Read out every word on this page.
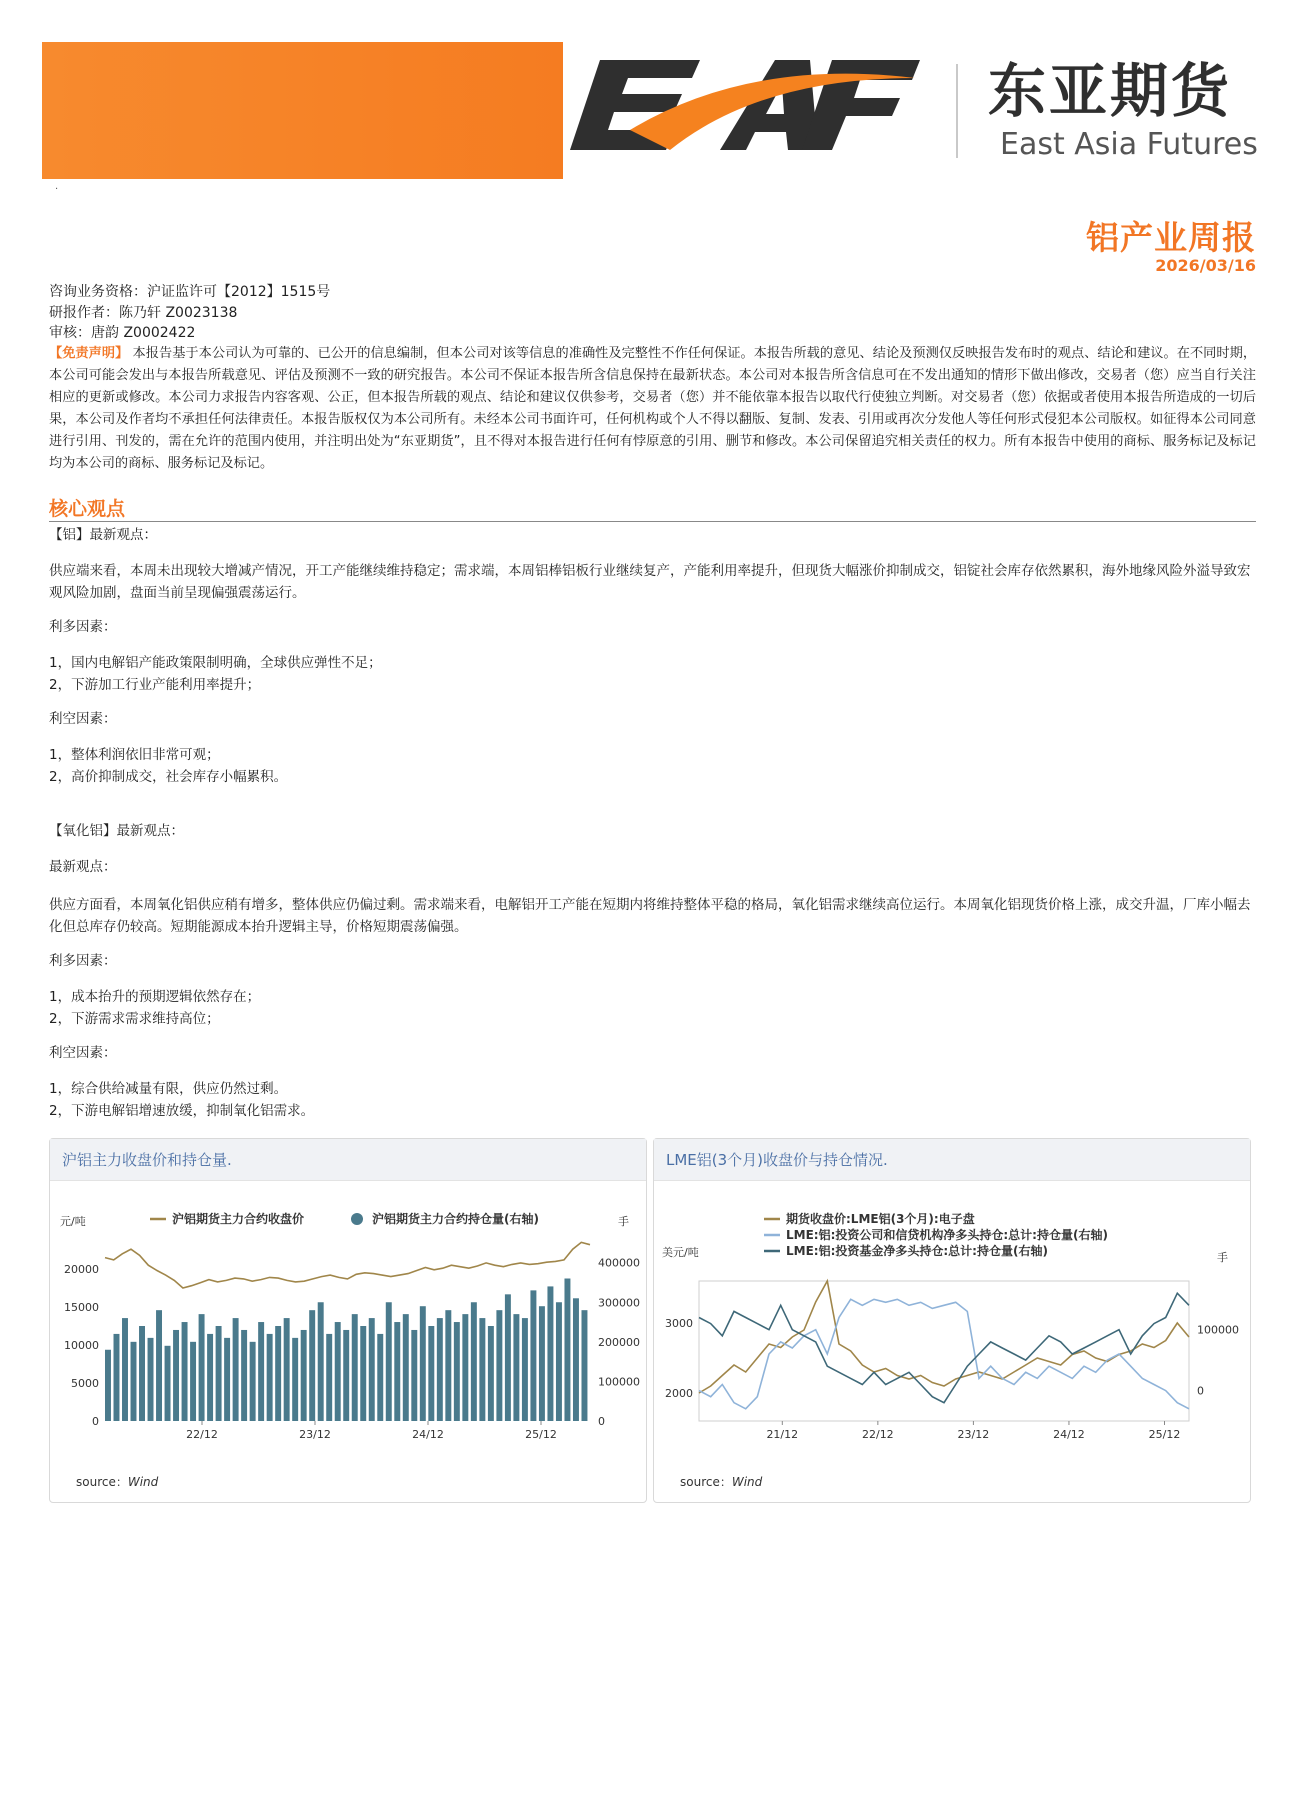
东亚期货
East Asia Futures
·
铝产业周报
2026/03/16
咨询业务资格：沪证监许可【2012】1515号
研报作者：陈乃轩 Z0023138
审核：唐韵 Z0002422
【免责声明】 本报告基于本公司认为可靠的、已公开的信息编制，但本公司对该等信息的准确性及完整性不作任何保证。本报告所载的意见、结论及预测仅反映报告发布时的观点、结论和建议。在不同时期，本公司可能会发出与本报告所载意见、评估及预测不一致的研究报告。本公司不保证本报告所含信息保持在最新状态。本公司对本报告所含信息可在不发出通知的情形下做出修改，交易者（您）应当自行关注相应的更新或修改。本公司力求报告内容客观、公正，但本报告所载的观点、结论和建议仅供参考，交易者（您）并不能依靠本报告以取代行使独立判断。对交易者（您）依据或者使用本报告所造成的一切后果，本公司及作者均不承担任何法律责任。本报告版权仅为本公司所有。未经本公司书面许可，任何机构或个人不得以翻版、复制、发表、引用或再次分发他人等任何形式侵犯本公司版权。如征得本公司同意进行引用、刊发的，需在允许的范围内使用，并注明出处为“东亚期货”，且不得对本报告进行任何有悖原意的引用、删节和修改。本公司保留追究相关责任的权力。所有本报告中使用的商标、服务标记及标记均为本公司的商标、服务标记及标记。
核心观点
【铝】最新观点：
供应端来看，本周未出现较大增减产情况，开工产能继续维持稳定；需求端，本周铝棒铝板行业继续复产，产能利用率提升，但现货大幅涨价抑制成交，铝锭社会库存依然累积，海外地缘风险外溢导致宏观风险加剧，盘面当前呈现偏强震荡运行。
利多因素：
1，国内电解铝产能政策限制明确，全球供应弹性不足；
2，下游加工行业产能利用率提升；
利空因素：
1，整体利润依旧非常可观；
2，高价抑制成交，社会库存小幅累积。
【氧化铝】最新观点：
最新观点：
供应方面看，本周氧化铝供应稍有增多，整体供应仍偏过剩。需求端来看，电解铝开工产能在短期内将维持整体平稳的格局，氧化铝需求继续高位运行。本周氧化铝现货价格上涨，成交升温，厂库小幅去化但总库存仍较高。短期能源成本抬升逻辑主导，价格短期震荡偏强。
利多因素：
1，成本抬升的预期逻辑依然存在；
2，下游需求需求维持高位；
利空因素：
1，综合供给减量有限，供应仍然过剩。
2，下游电解铝增速放缓，抑制氧化铝需求。
沪铝主力收盘价和持仓量.
元/吨	手
0
5000
10000
15000
20000
0
100000
200000
300000
400000
22/12	23/12	24/12	25/12
沪铝期货主力合约收盘价	沪铝期货主力合约持仓量(右轴)
source：Wind
LME铝(3个月)收盘价与持仓情况.
美元/吨	手
2000
3000
0
100000
21/12	22/12	23/12	24/12	25/12
期货收盘价:LME铝(3个月):电子盘
LME:铝:投资公司和信贷机构净多头持仓:总计:持仓量(右轴)
LME:铝:投资基金净多头持仓:总计:持仓量(右轴)
source：Wind
